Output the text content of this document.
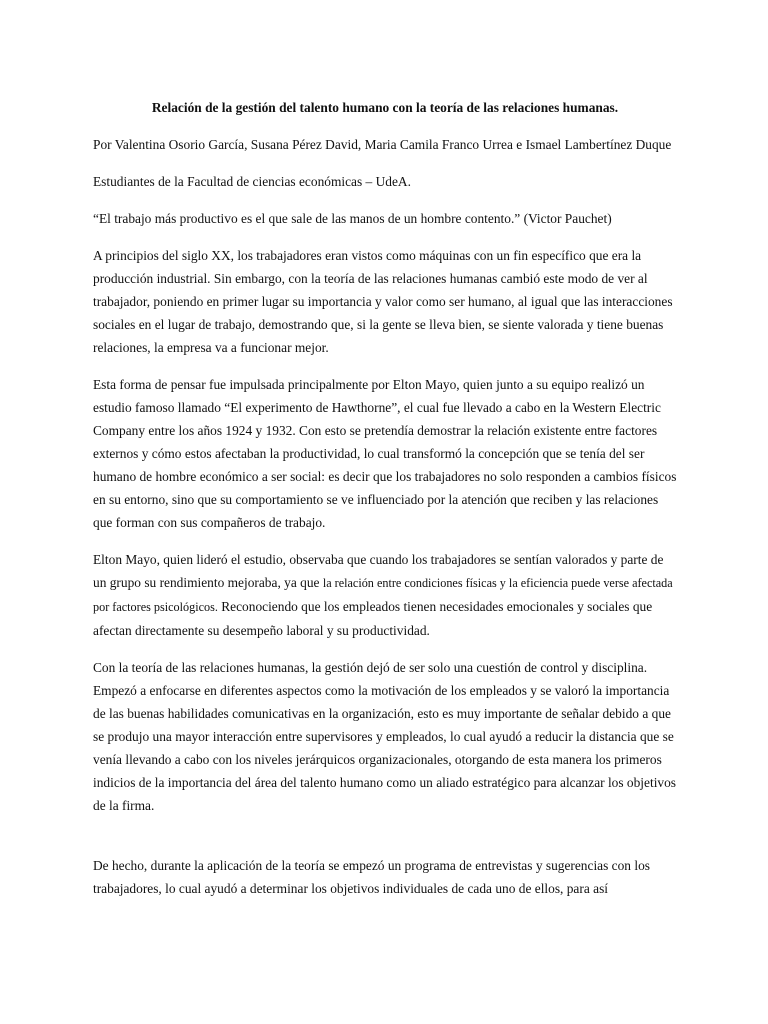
Relación de la gestión del talento humano con la teoría de las relaciones humanas.

Por Valentina Osorio García, Susana Pérez David, Maria Camila Franco Urrea e Ismael Lambertínez Duque

Estudiantes de la Facultad de ciencias económicas – UdeA.

“El trabajo más productivo es el que sale de las manos de un hombre contento.” (Victor Pauchet)

A principios del siglo XX, los trabajadores eran vistos como máquinas con un fin específico que era la producción industrial. Sin embargo, con la teoría de las relaciones humanas cambió este modo de ver al trabajador, poniendo en primer lugar su importancia y valor como ser humano, al igual que las interacciones sociales en el lugar de trabajo, demostrando que, si la gente se lleva bien, se siente valorada y tiene buenas relaciones, la empresa va a funcionar mejor.

Esta forma de pensar fue impulsada principalmente por Elton Mayo, quien junto a su equipo realizó un estudio famoso llamado “El experimento de Hawthorne”, el cual fue llevado a cabo en la Western Electric Company entre los años 1924 y 1932. Con esto se pretendía demostrar la relación existente entre factores externos y cómo estos afectaban la productividad, lo cual transformó la concepción que se tenía del ser humano de hombre económico a ser social: es decir que los trabajadores no solo responden a cambios físicos en su entorno, sino que su comportamiento se ve influenciado por la atención que reciben y las relaciones que forman con sus compañeros de trabajo.

Elton Mayo, quien lideró el estudio, observaba que cuando los trabajadores se sentían valorados y parte de un grupo su rendimiento mejoraba, ya que la relación entre condiciones físicas y la eficiencia puede verse afectada por factores psicológicos. Reconociendo que los empleados tienen necesidades emocionales y sociales que afectan directamente su desempeño laboral y su productividad.

Con la teoría de las relaciones humanas, la gestión dejó de ser solo una cuestión de control y disciplina. Empezó a enfocarse en diferentes aspectos como la motivación de los empleados y se valoró la importancia de las buenas habilidades comunicativas en la organización, esto es muy importante de señalar debido a que se produjo una mayor interacción entre supervisores y empleados, lo cual ayudó a reducir la distancia que se venía llevando a cabo con los niveles jerárquicos organizacionales, otorgando de esta manera los primeros indicios de la importancia del área del talento humano como un aliado estratégico para alcanzar los objetivos de la firma.

De hecho, durante la aplicación de la teoría se empezó un programa de entrevistas y sugerencias con los trabajadores, lo cual ayudó a determinar los objetivos individuales de cada uno de ellos, para así
